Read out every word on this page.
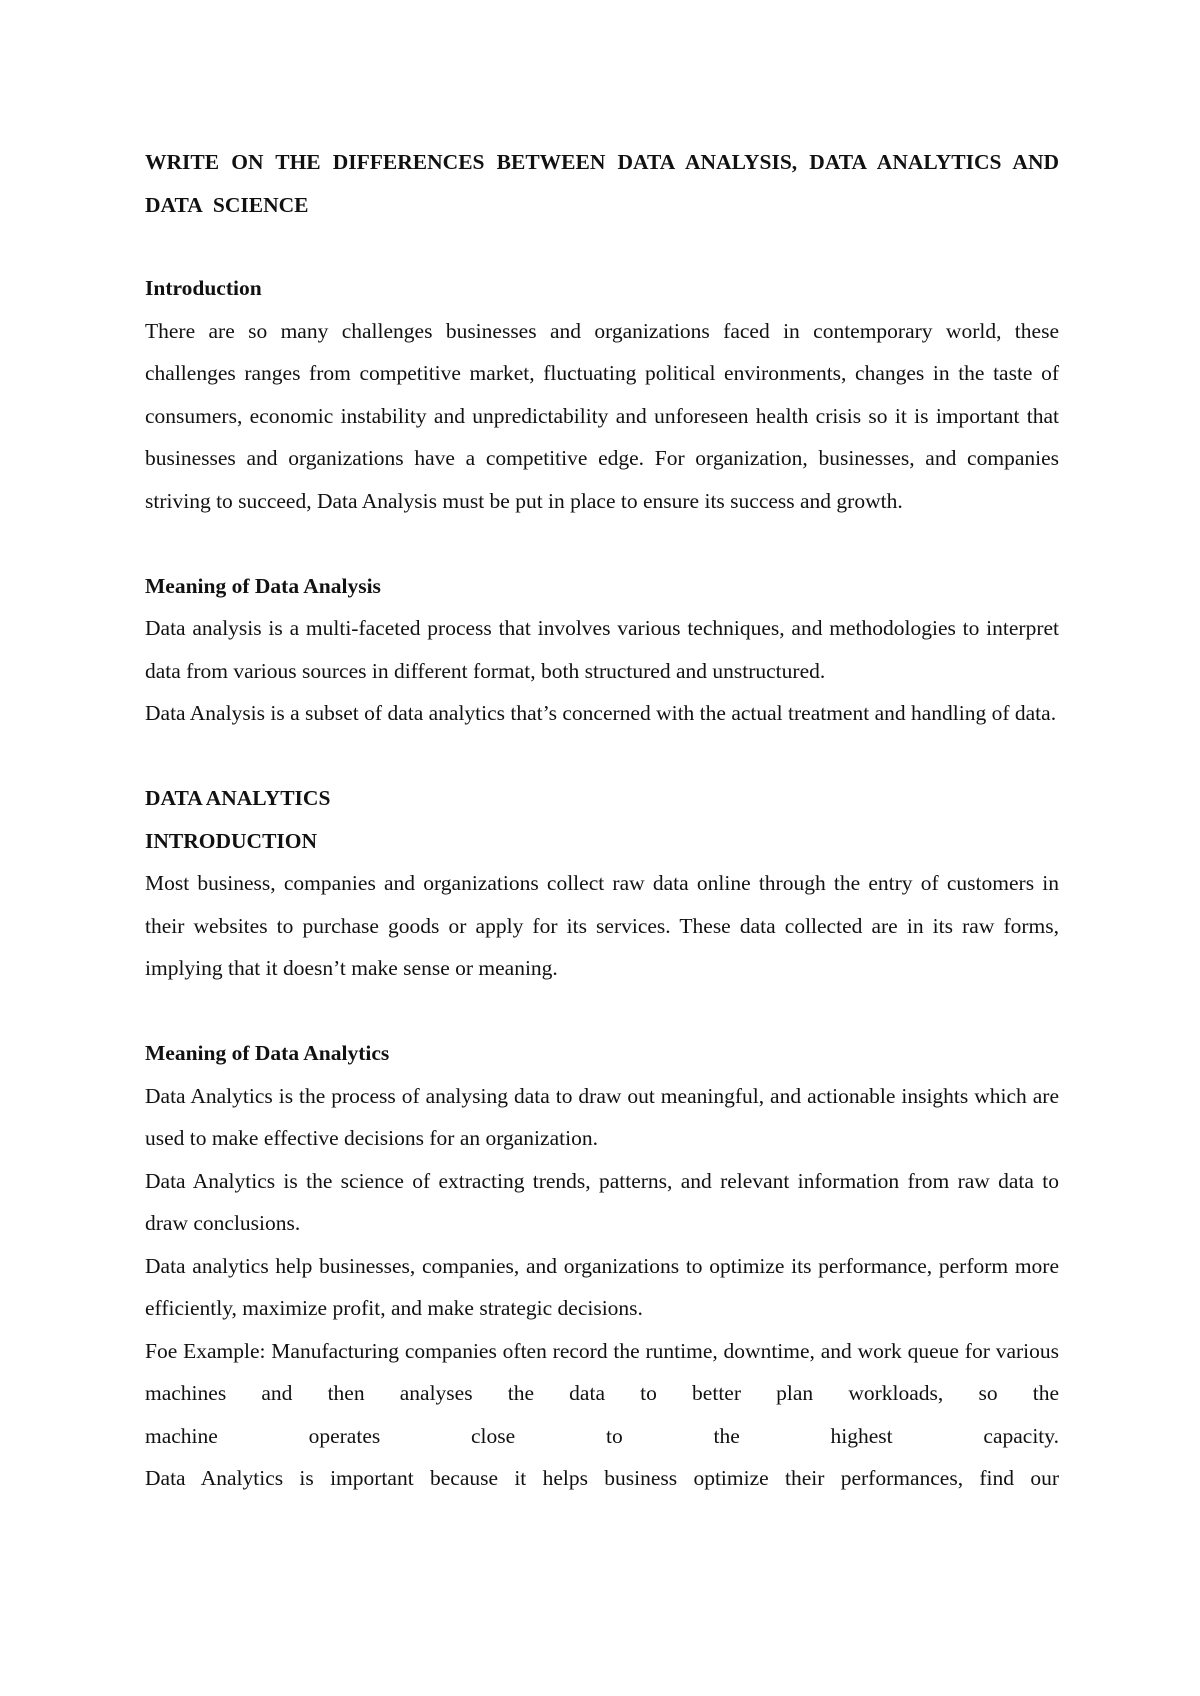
WRITE ON THE DIFFERENCES BETWEEN DATA ANALYSIS, DATA ANALYTICS AND DATA SCIENCE

Introduction

There are so many challenges businesses and organizations faced in contemporary world, these challenges ranges from competitive market, fluctuating political environments, changes in the taste of consumers, economic instability and unpredictability and unforeseen health crisis so it is important that businesses and organizations have a competitive edge. For organization, businesses, and companies striving to succeed, Data Analysis must be put in place to ensure its success and growth.

Meaning of Data Analysis

Data analysis is a multi-faceted process that involves various techniques, and methodologies to interpret data from various sources in different format, both structured and unstructured.

Data Analysis is a subset of data analytics that’s concerned with the actual treatment and handling of data.

DATA ANALYTICS

INTRODUCTION

Most business, companies and organizations collect raw data online through the entry of customers in their websites to purchase goods or apply for its services. These data collected are in its raw forms, implying that it doesn’t make sense or meaning.

Meaning of Data Analytics

Data Analytics is the process of analysing data to draw out meaningful, and actionable insights which are used to make effective decisions for an organization.

Data Analytics is the science of extracting trends, patterns, and relevant information from raw data to draw conclusions.

Data analytics help businesses, companies, and organizations to optimize its performance, perform more efficiently, maximize profit, and make strategic decisions.

Foe Example: Manufacturing companies often record the runtime, downtime, and work queue for various machines and then analyses the data to better plan workloads, so the

machine operates close to the highest capacity.

Data Analytics is important because it helps business optimize their performances, find our
